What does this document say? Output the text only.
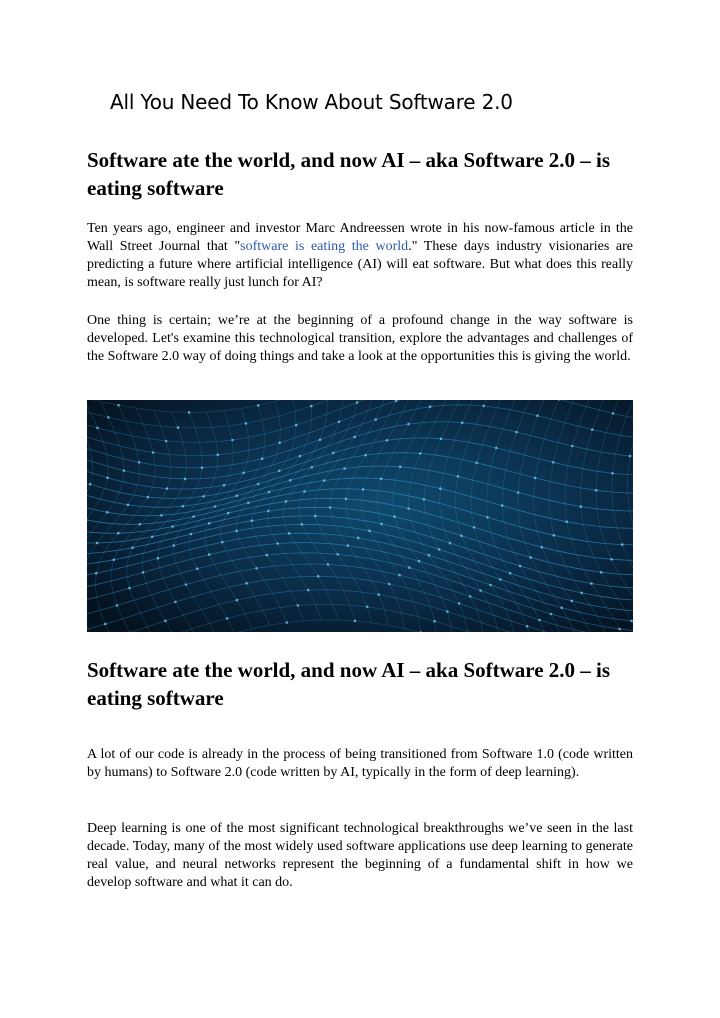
All You Need To Know About Software 2.0
Software ate the world, and now AI – aka Software 2.0 – is eating software

Ten years ago, engineer and investor Marc Andreessen wrote in his now-famous article in the Wall Street Journal that "software is eating the world." These days industry visionaries are predicting a future where artificial intelligence (AI) will eat software. But what does this really mean, is software really just lunch for AI?

One thing is certain; we’re at the beginning of a profound change in the way software is developed. Let's examine this technological transition, explore the advantages and challenges of the Software 2.0 way of doing things and take a look at the opportunities this is giving the world.

Software ate the world, and now AI – aka Software 2.0 – is eating software

A lot of our code is already in the process of being transitioned from Software 1.0 (code written by humans) to Software 2.0 (code written by AI, typically in the form of deep learning).

Deep learning is one of the most significant technological breakthroughs we’ve seen in the last decade. Today, many of the most widely used software applications use deep learning to generate real value, and neural networks represent the beginning of a fundamental shift in how we develop software and what it can do.
